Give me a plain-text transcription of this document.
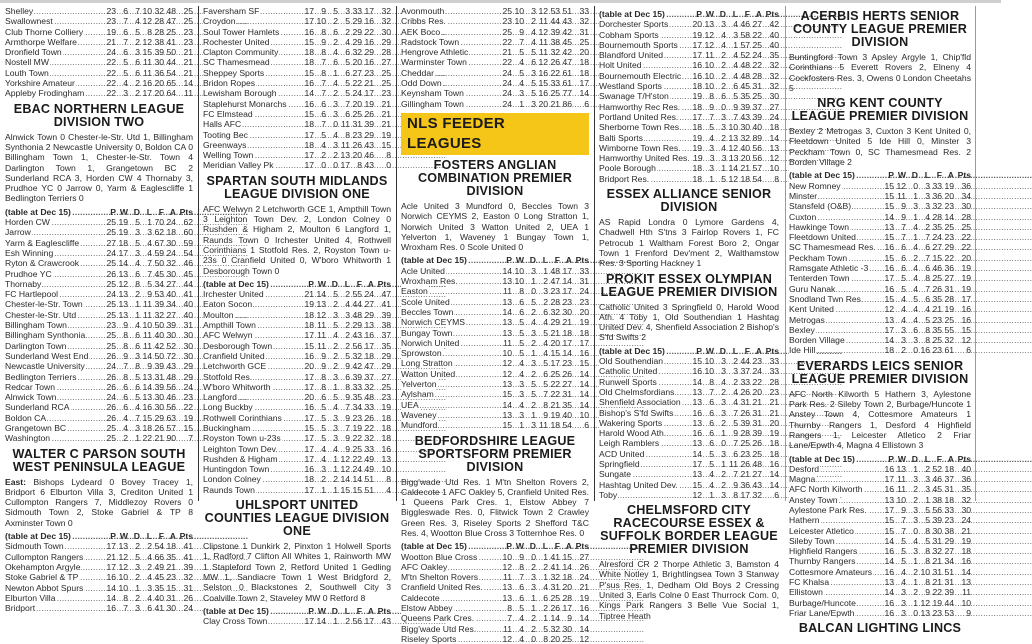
Shelley .....	23 6 7 10 32 48 25
Swallownest .....	23 7 4 12 28 47 25
Club Thorne Colliery .....	19 6 5 8 28 25 23
Armthorpe Welfare .....	21 7 2 12 38 41 23
Dronfield Town .....	24 6 3 15 39 50 21
Nostell MW .....	22 5 6 11 30 44 21
Louth Town .....	22 5 6 11 36 54 21
Yorkshire Amateur .....	22 4 2 16 20 65 14
Appleby Frodingham .....	22 3 2 17 20 64 11
EBAC NORTHERN LEAGUE DIVISION TWO
Alnwick Town 0 Chester-le-Str. Utd 1, Billingham Synthonia 2 Newcastle University 0, Boldon CA 0 Billingham Town 1, Chester-le-Str. Town 4 Darlington Town 1, Grangetown BC 2 Sunderland RCA 3, Horden CW 4 Thornaby 3, Prudhoe YC 0 Jarrow 0, Yarm & Eaglescliffe 1 Bedlington Terriers 0
(table at Dec 15) .....	P W D L F A Pts
Horden CW .....	25 19 5 1 70 24 62
Jarrow .....	25 19 3 3 62 18 60
Yarm & Eaglescliffe .....	27 18 5 4 67 30 59
Esh Winning .....	24 17 3 4 59 24 54
Ryton & Crawcrook .....	25 14 4 7 50 32 46
Prudhoe YC .....	26 13 6 7 45 30 45
Thornaby .....	25 12 8 5 34 27 44
FC Hartlepool .....	24 13 2 9 53 40 41
Chester-le-Str. Town .....	25 13 1 11 39 34 40
Chester-le-Str. Utd .....	25 13 1 11 32 27 40
Billingham Town .....	23 9 4 10 50 39 31
Billingham Synthonia .....	25 8 6 11 40 30 30
Darlington Town .....	25 8 6 11 42 52 30
Sunderland West End .....	26 9 3 14 50 72 30
Newcastle University .....	24 7 8 9 39 43 29
Bedlington Terriers .....	26 8 5 13 31 48 29
Redcar Town .....	26 6 6 14 39 56 24
Alnwick Town .....	24 6 5 13 30 46 23
Sunderland RCA .....	26 6 4 16 30 56 22
Boldon CA .....	26 4 7 15 29 63 19
Grangetown BC .....	25 4 3 18 26 57 15
Washington .....	25 2 1 22 21 90	7
WALTER C PARSON SOUTH WEST PENINSULA LEAGUE
East: Bishops Lydeard 0 Bovey Tracey 1, Bridport 6 Elburton Villa 3, Crediton United 1 Cullompton Rangers 7, Middlezoy Rovers 0 Sidmouth Town 2, Stoke Gabriel & TP 8 Axminster Town 0
(table at Dec 15) .....	P W D L F A Pts
Sidmouth Town .....	17 13 2 2 54 18 41
Cullompton Rangers .....	21 12 5 4 66 35 41
Okehampton Argyle .....	17 12 3 2 49 21 39
Stoke Gabriel & TP .....	16 10 2 4 45 23 32
Newton Abbot Spurs .....	14 10 1 3 35 15 31
Elburton Villa .....	14 8 2 4 40 31 26
Bridport .....	16 7 3 6 41 30 24
Faversham SF .....	17 9 5 3 33 17 32
Croydon .....	17 10 2 5 29 16 32
Soul Tower Hamlets .....	16 8 6 2 29 22 30
Rochester United .....	15 9 2 4 29 16 29
Clapton Community .....	18 8 4 6 32 29 28
SC Thamesmead .....	18 7 6 5 20 16 27
Sheppey Sports .....	15 8 1 6 27 23 25
Bridon Ropes .....	16 7 4 5 22 21 25
Lewisham Borough .....	14 7 2 5 24 17 23
Staplehurst Monarchs .....	16 6 3 7 20 19 21
FC Elmstead .....	15 6 3 6 25 26 21
Halls AFC .....	18 7 0 11 31 39 21
Tooting Bec .....	17 5 4 8 23 29 19
Greenways .....	18 4 3 11 26 43 15
Welling Town .....	17 2 2 13 20 46	8
Meridian Valley Pk .....	17 0 0 17 8 43	0
SPARTAN SOUTH MIDLANDS LEAGUE DIVISION ONE
AFC Welwyn 2 Letchworth GCE 1, Ampthill Town 3 Leighton Town Dev. 2, London Colney 0 Rushden & Higham 2, Moulton 6 Langford 1, Raunds Town 0 Irchester United 4, Rothwell Corinthians 1 Stotfold Res. 2, Royston Town u-23s 0 Cranfield United 0, W'boro Whitworth 1 Desborough Town 0
(table at Dec 15) .....	P W D L F A Pts
Irchester United .....	21 14 5 2 55 24 47
Eaton Socon .....	19 13 2 4 44 27 41
Moulton .....	18 12 3 3 48 29 39
Ampthill Town .....	18 11 5 2 29 13 38
AFC Welwyn .....	17 11 4 2 43 16 37
Desborough Town .....	15 11 2 2 56 17 35
Cranfield United .....	16 9 2 5 32 18 29
Letchworth GCE .....	20 9 2 9 42 47 29
Stotfold Res. .....	17 8 3 6 39 37 27
W'boro Whitworth .....	17 8 1 8 33 32 25
Langford .....	20 6 5 9 35 48 23
Long Buckby .....	16 5 4 7 34 33 19
Rothwell Corinthians .....	17 5 3 9 23 26 18
Buckingham .....	15 5 3 7 19 22 18
Royston Town u-23s .....	17 5 3 9 22 32 18
Leighton Town Dev. .....	17 4 4 9 25 33 16
Rushden & Higham .....	17 4 1 12 22 49 13
Huntingdon Town .....	16 3 1 12 24 49 10
London Colney .....	18 2 2 14 14 51	8
Raunds Town .....	17 1 1 15 15 51	4
UHLSPORT UNITED COUNTIES LEAGUE DIVISION ONE
Clipstone 1 Dunkirk 2, Pinxton 1 Holwell Sports 1, Radford 7 Clifton All Whites 1, Rainworth MW 1 Stapleford Town 2, Retford United 1 Gedling MW 1, Sandiacre Town 1 West Bridgford 2, Selston 0 Blackstones 2, Southwell City 3 Coalville Town 2, Staveley MW 0 Retford 8
(table at Dec 15) .....	P W D L F A Pts
Clay Cross Town .....	17 14 1 2 56 17 43
Avonmouth .....	25 10 3 12 53 51 33
Cribbs Res. .....	23 10 2 11 44 43 32
AEK Boco .....	25 9 4 12 39 42 31
Radstock Town .....	22 7 4 11 38 45 25
Hengrove Athletic .....	21 5 5 11 32 42 20
Warminster Town .....	22 4 6 12 26 47 18
Cheddar .....	24 5 3 16 22 61 18
Odd Down .....	24 4 5 15 33 61 17
Keynsham Town .....	24 3 5 16 25 77 14
Gillingham Town .....	24 1 3 20 21 86	6
NLS FEEDER LEAGUES
FOSTERS ANGLIAN COMBINATION PREMIER DIVISION
Acle United 3 Mundford 0, Beccles Town 3 Norwich CEYMS 2, Easton 0 Long Stratton 1, Norwich United 3 Watton United 2, UEA 1 Yelverton 1, Waveney 1 Bungay Town 1, Wroxham Res. 0 Scole United 0
(table at Dec 15) .....	P W D L F A Pts
Acle United .....	14 10 3 1 48 17 33
Wroxham Res. .....	13 10 1 2 47 14 31
Easton .....	11 8 0 3 23 17 24
Scole United .....	13 6 5 2 28 23 23
Beccles Town .....	14 6 2 6 32 30 20
Norwich CEYMS .....	13 5 4 4 29 21 19
Bungay Town .....	13 5 3 5 21 18 18
Norwich United .....	11 5 2 4 20 17 17
Sprowston .....	10 5 1 4 15 14 16
Long Stratton .....	12 4 3 5 17 23 15
Watton United .....	12 4 2 6 25 26 14
Yelverton .....	13 3 5 5 22 27 14
Aylsham .....	15 3 5 7 22 31 14
UEA .....	14 4 2 8 21 35 14
Waveney .....	13 3 1 9 19 40 10
Mundford .....	15 1 3 11 18 54	6
BEDFORDSHIRE LEAGUE SPORTSFORM PREMIER DIVISION
Bigg'wade Utd Res. 1 M'tn Shelton Rovers 2, Caldecote 1 AFC Oakley 5, Cranfield United Res. 1 Queens Park Cres. 1, Elstow Abbey 7 Biggleswade Res. 0, Flitwick Town 2 Crawley Green Res. 3, Riseley Sports 2 Shefford T&C Res. 4, Wootton Blue Cross 3 Totternhoe Res. 0
(table at Dec 15) .....	P W D L F A Pts
Wootton Blue Cross .....	10 9 0 1 41 15 27
AFC Oakley .....	12 8 2 2 41 14 26
M'tn Shelton Rovers .....	11 7 3 1 32 18 24
Cranfield United Res. .....	13 6 3 4 31 20 21
Caldecote .....	13 6 1 6 25 28 19
Elstow Abbey .....	8 5 1 2 26 17 16
Queens Park Cres. .....	7 4 2 1 14 9 14
Bigg'wade Utd Res. .....	11 4 2 5 32 30 14
Riseley Sports .....	12 4 0 8 20 25 12
(table at Dec 15) .....	P W D L F A Pts
Dorchester Sports .....	20 13 3 4 46 27 42
Cobham Sports .....	19 12 4 3 58 22 40
Bournemouth Sports .....	17 12 4 1 57 25 40
Blandford United .....	17 11 2 4 52 24 35
Holt United .....	16 10 2 4 48 22 32
Bournemouth Electric .....	16 10 2 4 48 28 32
Westland Sports .....	18 10 2 6 45 31 32
Swanage T/H'ston .....	19 8 6 5 35 25 30
Hamworthy Rec Res. .....	18 9 0 9 39 37 27
Portland United Res. .....	17 7 3 7 43 39 24
Sherborne Town Res. .....	18 5 3 10 30 40 18
Balti Sports .....	19 4 2 13 32 89 14
Wimborne Town Res. .....	19 3 4 12 40 56 13
Hamworthy United Res. ..... 19 3 3 13 20 56 12
Poole Borough .....	18 3 1 14 21 57 10
Bridport Res. .....	18 1 5 12 18 54	8
ESSEX ALLIANCE SENIOR DIVISION
AS Rapid Londra 0 Lymore Gardens 4, Chadwell Hth S'tns 3 Fairlop Rovers 1, FC Petrocub 1 Waltham Forest Boro 2, Ongar Town 1 Frenford Dev'ment 2, Walthamstow Res. 3 Sporting Hackney 1
PROKIT ESSEX OLYMPIAN LEAGUE PREMIER DIVISION
Catholic United 3 Springfield 0, Harold Wood Ath. 4 Toby 1, Old Southendian 1 Hashtag United Dev. 4, Shenfield Association 2 Bishop's S'fd Swifts 2
(table at Dec 15) .....	P W D L F A Pts
Old Southendian .....	15 10 3 2 44 23 33
Catholic United .....	16 10 3 3 37 24 33
Runwell Sports .....	14 8 4 2 33 22 28
Old Chelmsfordians .....	13 7 2 4 26 20 23
Shenfield Association .....	13 6 3 4 31 21 21
Bishop's S'fd Swifts .....	16 6 3 7 26 31 21
Wakering Sports .....	13 6 2 5 39 31 20
Harold Wood Ath. .....	16 6 1 9 28 39 19
Leigh Ramblers .....	13 6 0 7 25 26 18
ACD United .....	14 5 3 6 23 25 18
Springfield .....	17 5 1 11 26 48 16
Sungate .....	13 4 2 7 21 27 14
Hashtag United Dev. .....	15 4 2 9 36 43 14
Toby .....	12 1 3 8 17 32	6
CHELMSFORD CITY RACECOURSE ESSEX & SUFFOLK BORDER LEAGUE PREMIER DIVISION
Alresford CR 2 Thorpe Athletic 3, Bamston 4 White Notley 1, Brightlingsea Town 3 Stanway P'sus Res. 1, Dedham Old Boys 2 Cressing United 3, Earls Colne 0 East Thurrock Com. 0, Kings Park Rangers 3 Belle Vue Social 1, Tiptree Heath
ACERBIS HERTS SENIOR COUNTY LEAGUE PREMIER DIVISION
Buntingford Town 3 Apsley Argyle 1, Chip'fld Corinthians 5 Everett Rovers 2, Elneny 4 Cockfosters Res. 3, Owens 0 London Cheetahs 5
NRG KENT COUNTY LEAGUE PREMIER DIVISION
Bexley 2 Metrogas 3, Cuxton 3 Kent United 0, Fleetdown United 5 Ide Hill 0, Minster 3 Peckham Town 0, SC Thamesmead Res. 2 Borden Village 2
(table at Dec 15) .....	P W D L F A Pts
New Romney .....	15 12 0 3 33 19 36
Minster .....	15 11 1 3 36 20 34
Stansfeld (O&B) .....	15 9 3 3 32 23 30
Cuxton .....	14 9 1 4 28 14 28
Hawkinge Town .....	13 7 4 2 35 25 25
Fleetdown United .....	15 7 1 7 24 23 22
SC Thamesmead Res. .....	16 6 4 6 27 29 22
Peckham Town .....	15 6 2 7 15 22 20
Ramsgate Athletic -3 .....	16 6 4 6 46 36 19
Tenterden Town .....	17 5 4 8 25 27 19
Guru Nanak .....	16 5 4 7 26 31 19
Snodland Twn Res. .....	15 4 5 6 35 28 17
Kent United .....	12 4 4 4 21 19 16
Metrogas .....	13 4 4 5 23 25 16
Bexley .....	17 3 6 8 35 55 15
Borden Village .....	14 3 3 8 25 32 12
Ide Hill .....	18 2 0 16 23 61	6
EVERARDS LEICS SENIOR LEAGUE PREMIER DIVISION
AFC North Kilworth 5 Hathern 3, Aylestone Park Res. 2 Sileby Town 2, Burbage/Huncote 1 Anstey Town 4, Cottesmore Amateurs 1 Thurnby Rangers 1, Desford 4 Highfield Rangers 1, Leicester Atletico 2 Friar Lane/Epwth 4, Magna 4 Ellistown 3
(table at Dec 15) .....	P W D L F A Pts
Desford .....	16 13 1 2 52 18 40
Magna .....	17 11 3 3 46 37 36
AFC North Kilworth .....	16 11 2 3 45 31 35
Anstey Town .....	13 10 2 1 38 18 32
Aylestone Park Res. .....	17 9 3 5 56 33 30
Hathern .....	15 7 3 5 39 23 24
Leicester Atletico .....	15 7 0 8 30 38 21
Sileby Town .....	14 5 4 5 31 29 19
Highfield Rangers .....	16 5 3 8 32 27 18
Thurnby Rangers .....	14 5 1 8 21 34 16
Cottesmore Amateurs .....	16 4 2 10 31 51 14
FC Khalsa .....	13 4 1 8 21 31 13
Ellistown .....	14 3 2 9 22 39 11
Burbage/Huncote .....	16 3 1 12 19 44 10
Friar Lane/Epwth .....	16 3 0 13 23 53	9
BALCAN LIGHTING LINCS
